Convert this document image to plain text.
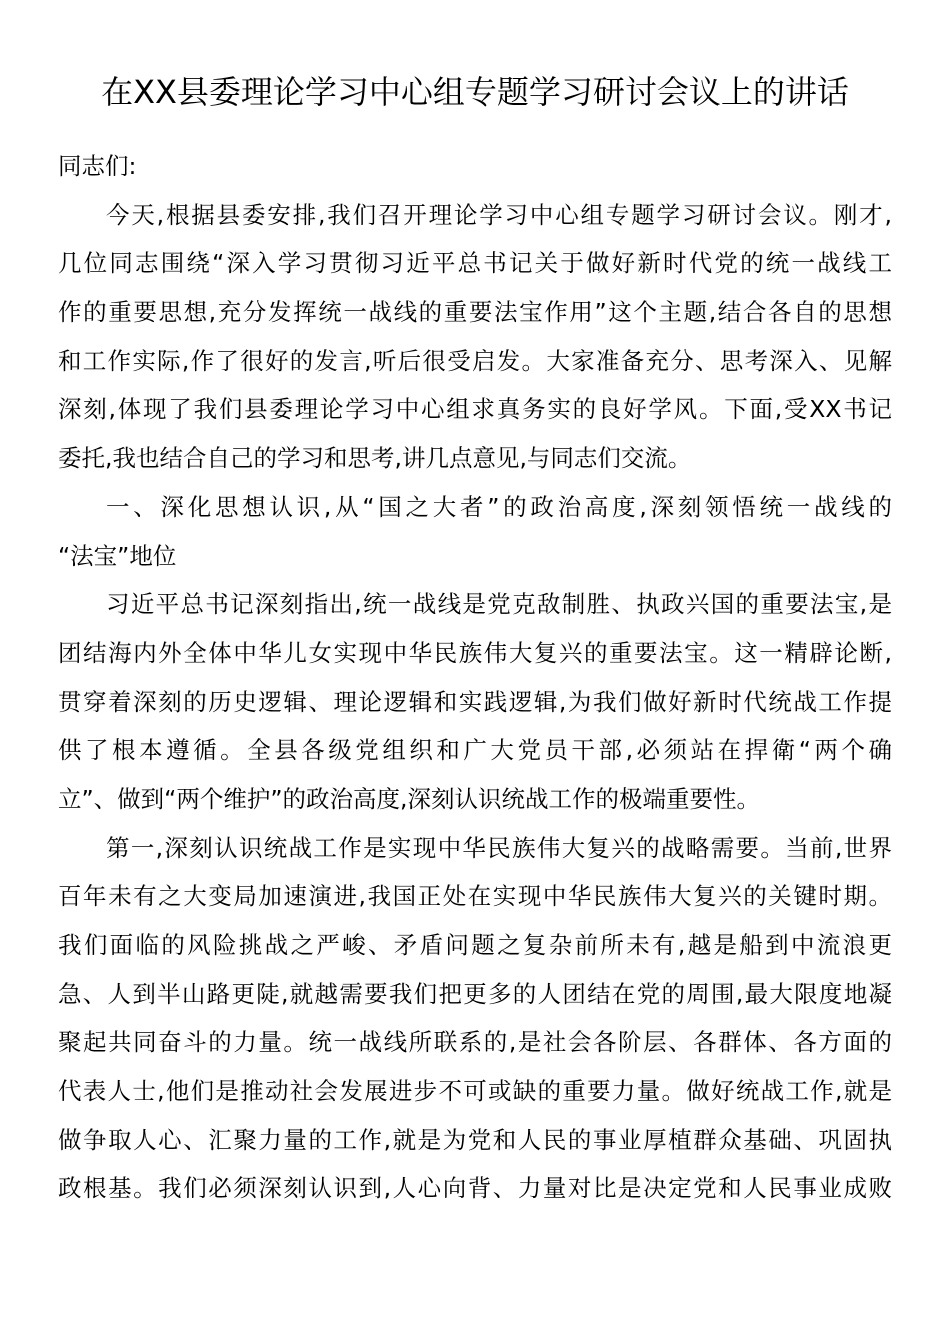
在XX县委理论学习中心组专题学习研讨会议上的讲话
同志们:
今天,根据县委安排,我们召开理论学习中心组专题学习研讨会议。刚才,
几位同志围绕“深入学习贯彻习近平总书记关于做好新时代党的统一战线工
作的重要思想,充分发挥统一战线的重要法宝作用”这个主题,结合各自的思想
和工作实际,作了很好的发言,听后很受启发。大家准备充分、思考深入、见解
深刻,体现了我们县委理论学习中心组求真务实的良好学风。下面,受XX书记
委托,我也结合自己的学习和思考,讲几点意见,与同志们交流。
一、深化思想认识,从“国之大者”的政治高度,深刻领悟统一战线的
“法宝”地位
习近平总书记深刻指出,统一战线是党克敌制胜、执政兴国的重要法宝,是
团结海内外全体中华儿女实现中华民族伟大复兴的重要法宝。这一精辟论断,
贯穿着深刻的历史逻辑、理论逻辑和实践逻辑,为我们做好新时代统战工作提
供了根本遵循。全县各级党组织和广大党员干部,必须站在捍衛“两个确
立”、做到“两个维护”的政治高度,深刻认识统战工作的极端重要性。
第一,深刻认识统战工作是实现中华民族伟大复兴的战略需要。当前,世界
百年未有之大变局加速演进,我国正处在实现中华民族伟大复兴的关键时期。
我们面临的风险挑战之严峻、矛盾问题之复杂前所未有,越是船到中流浪更
急、人到半山路更陡,就越需要我们把更多的人团结在党的周围,最大限度地凝
聚起共同奋斗的力量。统一战线所联系的,是社会各阶层、各群体、各方面的
代表人士,他们是推动社会发展进步不可或缺的重要力量。做好统战工作,就是
做争取人心、汇聚力量的工作,就是为党和人民的事业厚植群众基础、巩固执
政根基。我们必须深刻认识到,人心向背、力量对比是决定党和人民事业成败
